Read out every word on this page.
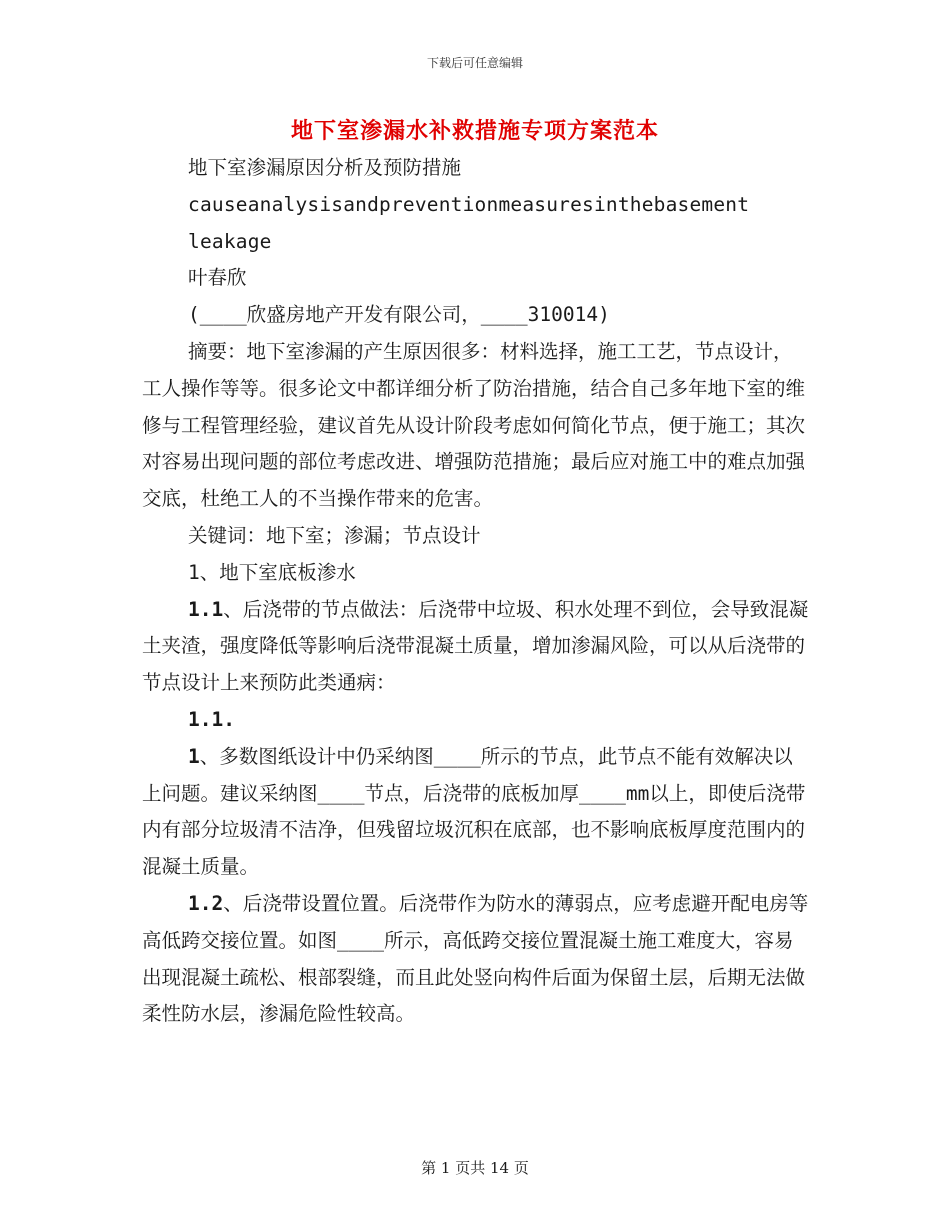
下载后可任意编辑
地下室渗漏水补救措施专项方案范本

地下室渗漏原因分析及预防措施

causeanalysisandpreventionmeasuresinthebasement

leakage

叶春欣

(____欣盛房地产开发有限公司，____310014)

摘要：地下室渗漏的产生原因很多：材料选择，施工工艺，节点设计，工人操作等等。很多论文中都详细分析了防治措施，结合自己多年地下室的维修与工程管理经验，建议首先从设计阶段考虑如何简化节点，便于施工；其次对容易出现问题的部位考虑改进、增强防范措施；最后应对施工中的难点加强交底，杜绝工人的不当操作带来的危害。

关键词：地下室；渗漏；节点设计

1、地下室底板渗水

1.1、后浇带的节点做法：后浇带中垃圾、积水处理不到位，会导致混凝土夹渣，强度降低等影响后浇带混凝土质量，增加渗漏风险，可以从后浇带的节点设计上来预防此类通病：

1.1.

1、多数图纸设计中仍采纳图____所示的节点，此节点不能有效解决以上问题。建议采纳图____节点，后浇带的底板加厚____mm以上，即使后浇带内有部分垃圾清不洁净，但残留垃圾沉积在底部，也不影响底板厚度范围内的混凝土质量。

1.2、后浇带设置位置。后浇带作为防水的薄弱点，应考虑避开配电房等高低跨交接位置。如图____所示，高低跨交接位置混凝土施工难度大，容易出现混凝土疏松、根部裂缝，而且此处竖向构件后面为保留土层，后期无法做柔性防水层，渗漏危险性较高。

第 1 页共 14 页
